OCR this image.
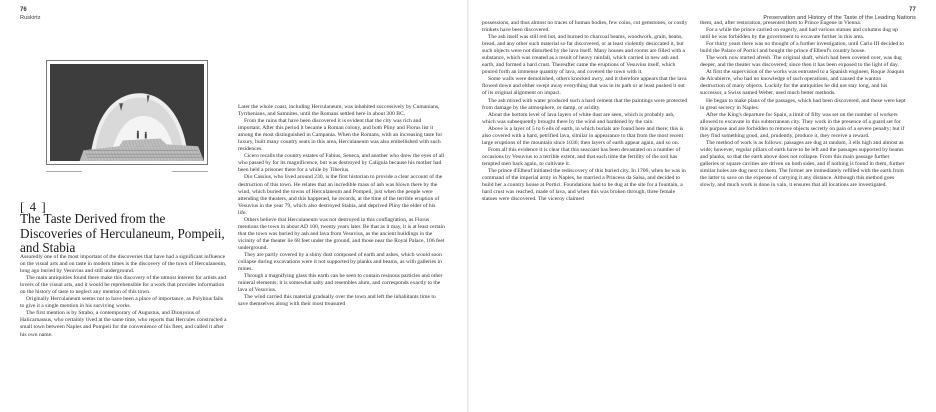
76
Ruskirtz
[ 4 ]
The Taste Derived from the Discoveries of Herculaneum, Pompeii, and Stabia

Assuredly one of the most important of the discoveries that have had a significant influence on the visual arts and on taste in modern times is the discovery of the town of Herculaneum, long ago buried by Vesuvius and still underground.

The main antiquities found there make this discovery of the utmost interest for artists and lovers of the visual arts, and it would be reprehensible for a work that provides information on the history of taste to neglect any mention of this town.

Originally Herculaneum seems not to have been a place of importance, as Polybius fails to give it a single mention in his surviving works.

The first mention is by Strabo, a contemporary of Augustus, and Dionysius of Halicarnassus, who certainly lived at the same time, who reports that Hercules constructed a small town between Naples and Pompeii for the convenience of his fleet, and called it after his own name.

Later the whole coast, including Herculaneum, was inhabited successively by Cumanians, Tyrrhenians, and Samnites, until the Romans settled here in about 300 BC.

From the ruins that have been discovered it is evident that the city was rich and important. After this period it became a Roman colony, and both Pliny and Florus list it among the most distinguished in Campania. When the Romans, with an increasing taste for luxury, built many country seats in this area, Herculaneum was also embellished with such residences.

Cicero recalls the country estates of Fabius, Seneca, and another who drew the eyes of all who passed by for its magnificence, but was destroyed by Caligula because his mother had been held a prisoner there for a while by Tiberius.

Dio Cassius, who lived around 230, is the first historian to provide a clear account of the destruction of this town. He relates that an incredible mass of ash was blown there by the wind, which buried the towns of Herculaneum and Pompeii, just when the people were attending the theaters, and this happened, he records, at the time of the terrible eruption of Vesuvius in the year 79, which also destroyed Stabia, and deprived Pliny the elder of his life.

Others believe that Herculaneum was not destroyed in this conflagration, as Florus mentions the town in about AD 100, twenty years later. Be that as it may, it is at least certain that the town was buried by ash and lava from Vesuvius, as the ancient buildings in the vicinity of the theater lie 68 feet under the ground, and those near the Royal Palace, 106 feet underground.

They are partly covered by a shiny dust composed of earth and ashes, which would soon collapse during excavations were it not supported by planks and beams, as with galleries in mines.

Through a magnifying glass this earth can be seen to contain resinous particles and other mineral elements; it is somewhat salty and resembles alum, and corresponds exactly to the lava of Vesuvius.

The wind carried this material gradually over the town and left the inhabitants time to save themselves along with their most treasured

77
Preservation and History of the Taste of the Leading Nations

possessions, and thus almost no traces of human bodies, few coins, cut gemstones, or costly trinkets have been discovered.

The ash itself was still red hot, and burned to charcoal beams, woodwork, grain, beans, bread, and any other such material so far discovered, or at least violently desiccated it, but such objects were not disturbed by the lava itself. Many houses and rooms are filled with a substance, which was created as a result of heavy rainfall, which carried in new ash and earth, and formed a hard crust. Thereafter came the eruptions of Vesuvius itself, which poured forth an immense quantity of lava, and covered the town with it.

Some walls were demolished, others knocked awry, and it therefore appears that the lava flowed down and either swept away everything that was in its path or at least pushed it out of its original alignment on impact.

The ash mixed with water produced such a hard cement that the paintings were protected from damage by the atmosphere, or damp, or acidity.

About the bottom level of lava layers of white dust are seen, which is probably ash, which was subsequently brought there by the wind and hardened by the rain.

Above is a layer of 5 to 6 ells of earth, in which burials are found here and there; this is also covered with a hard, petrified lava, similar in appearance to that from the most recent large eruptions of the mountain since 1036; then layers of earth appear again, and so on.

From all this evidence it is clear that this seacoast has been devastated on a number of occasions by Vesuvius to a terrible extent, and that each time the fertility of the soil has tempted men back again, to cultivate it.

The prince d'Elbeuf initiated the rediscovery of this buried city. In 1706, when he was in command of the imperial army in Naples, he married a Princess da Salsa, and decided to build her a country house at Portici. Foundations had to be dug at the site for a fountain, a hard crust was reached, made of lava, and when this was broken through, three female statues were discovered. The viceroy claimed

them, and, after restoration, presented them to Prince Eugene in Vienna.

For a while the prince carried on eagerly, and had various statues and columns dug up until he was forbidden by the government to excavate further in this area.

For thirty years there was no thought of a further investigation, until Carlo III decided to build the Palace of Portici and bought the prince d'Elbeuf's country house.

The work now started afresh. The original shaft, which had been covered over, was dug deeper, and the theater was discovered; since then it has been exposed to the light of day.

At first the supervision of the works was entrusted to a Spanish engineer, Roque Joaquín de Alcubierre, who had no knowledge of such operations, and caused the wanton destruction of many objects. Luckily for the antiquities he did not stay long, and his successor, a Swiss named Weber, used much better methods.

He began to make plans of the passages, which had been discovered, and these were kept in great secrecy in Naples.

After the King's departure for Spain, a limit of fifty was set on the number of workers allowed to excavate in this subterranean city. They work in the presence of a guard set for this purpose and are forbidden to remove objects secretly on pain of a severe penalty; but if they find something good, and, prudently, produce it, they receive a reward.

The method of work is as follows: passages are dug at random, 3 ells high and almost as wide; however, regular pillars of earth have to be left and the passages supported by beams and planks, so that the earth above does not collapse. From this main passage further galleries or square cavities are driven on both sides, and if nothing is found in them, further similar holes are dug next to them. The former are immediately refilled with the earth from the latter to save on the expense of carrying it any distance. Although this method goes slowly, and much work is done in vain, it ensures that all locations are investigated.
